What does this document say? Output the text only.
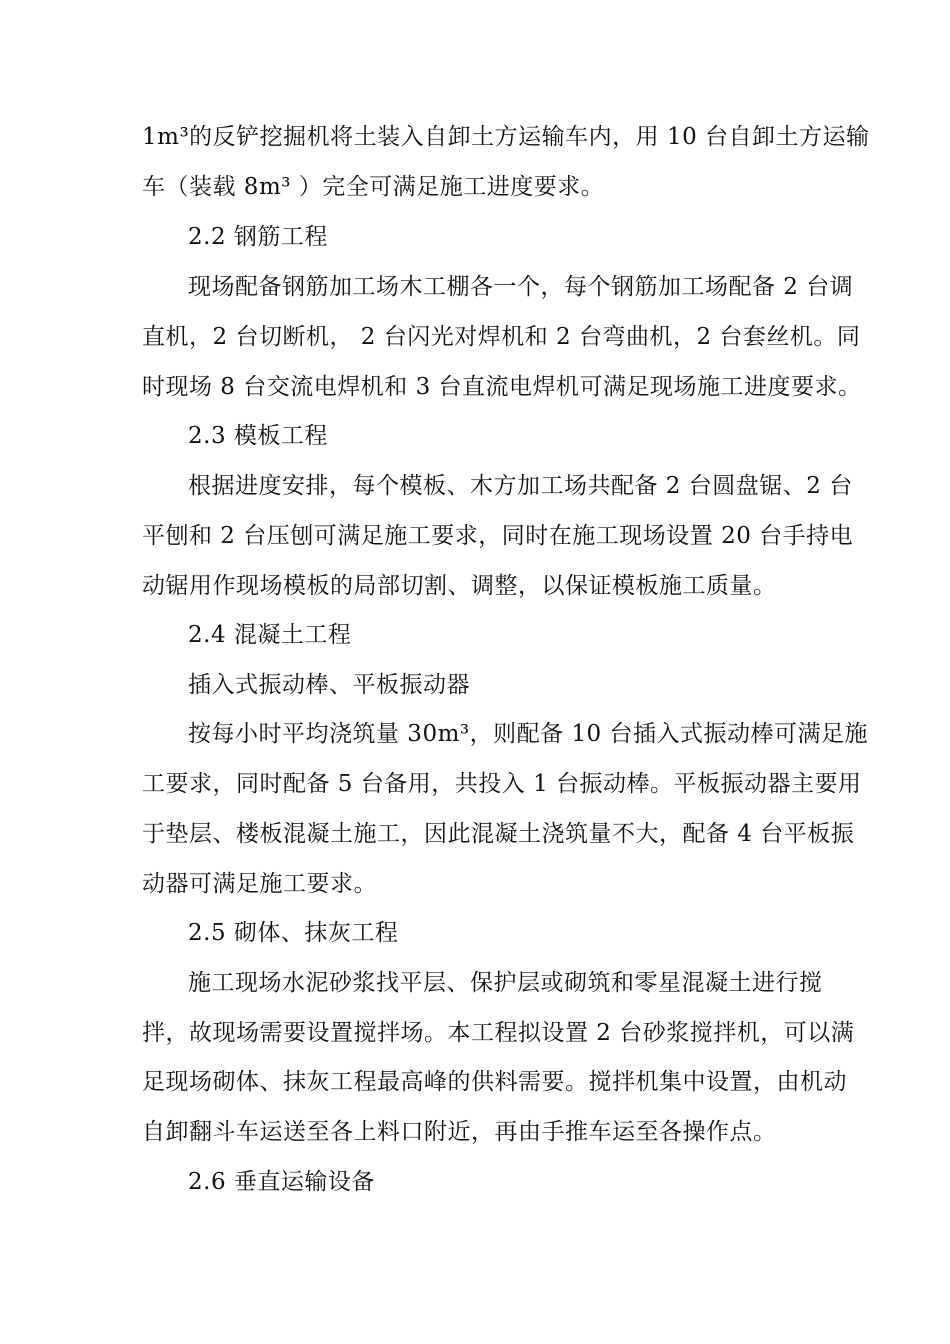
1m³的反铲挖掘机将土装入自卸土方运输车内，用 10 台自卸土方运输
车（装载 8m³ ）完全可满足施工进度要求。
2.2 钢筋工程
现场配备钢筋加工场木工棚各一个，每个钢筋加工场配备 2 台调
直机，2 台切断机， 2 台闪光对焊机和 2 台弯曲机，2 台套丝机。同
时现场 8 台交流电焊机和 3 台直流电焊机可满足现场施工进度要求。
2.3 模板工程
根据进度安排，每个模板、木方加工场共配备 2 台圆盘锯、2 台
平刨和 2 台压刨可满足施工要求，同时在施工现场设置 20 台手持电
动锯用作现场模板的局部切割、调整，以保证模板施工质量。
2.4 混凝土工程
插入式振动棒、平板振动器
按每小时平均浇筑量 30m³，则配备 10 台插入式振动棒可满足施
工要求，同时配备 5 台备用，共投入 1 台振动棒。平板振动器主要用
于垫层、楼板混凝土施工，因此混凝土浇筑量不大，配备 4 台平板振
动器可满足施工要求。
2.5 砌体、抹灰工程
施工现场水泥砂浆找平层、保护层或砌筑和零星混凝土进行搅
拌，故现场需要设置搅拌场。本工程拟设置 2 台砂浆搅拌机，可以满
足现场砌体、抹灰工程最高峰的供料需要。搅拌机集中设置，由机动
自卸翻斗车运送至各上料口附近，再由手推车运至各操作点。
2.6 垂直运输设备
